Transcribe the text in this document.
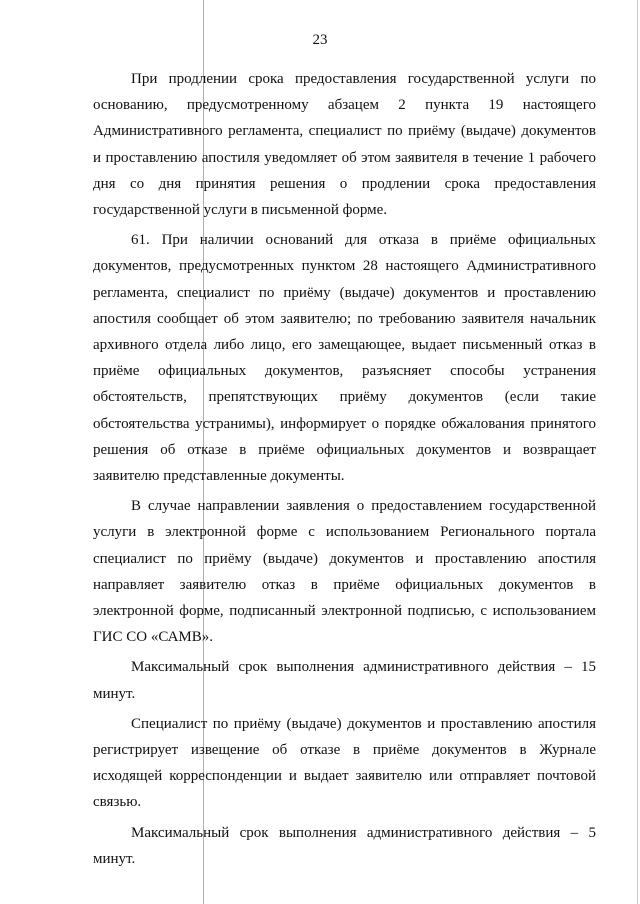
23

При продлении срока предоставления государственной услуги по основанию, предусмотренному абзацем 2 пункта 19 настоящего Административного регламента, специалист по приёму (выдаче) документов и проставлению апостиля уведомляет об этом заявителя в течение 1 рабочего дня со дня принятия решения о продлении срока предоставления государственной услуги в письменной форме.

61. При наличии оснований для отказа в приёме официальных документов, предусмотренных пунктом 28 настоящего Административного регламента, специалист по приёму (выдаче) документов и проставлению апостиля сообщает об этом заявителю; по требованию заявителя начальник архивного отдела либо лицо, его замещающее, выдает письменный отказ в приёме официальных документов, разъясняет способы устранения обстоятельств, препятствующих приёму документов (если такие обстоятельства устранимы), информирует о порядке обжалования принятого решения об отказе в приёме официальных документов и возвращает заявителю представленные документы.

В случае направлении заявления о предоставлением государственной услуги в электронной форме с использованием Регионального портала специалист по приёму (выдаче) документов и проставлению апостиля направляет заявителю отказ в приёме официальных документов в электронной форме, подписанный электронной подписью, с использованием ГИС СО «САМВ».

Максимальный срок выполнения административного действия – 15 минут.

Специалист по приёму (выдаче) документов и проставлению апостиля регистрирует извещение об отказе в приёме документов в Журнале исходящей корреспонденции и выдает заявителю или отправляет почтовой связью.

Максимальный срок выполнения административного действия – 5 минут.
